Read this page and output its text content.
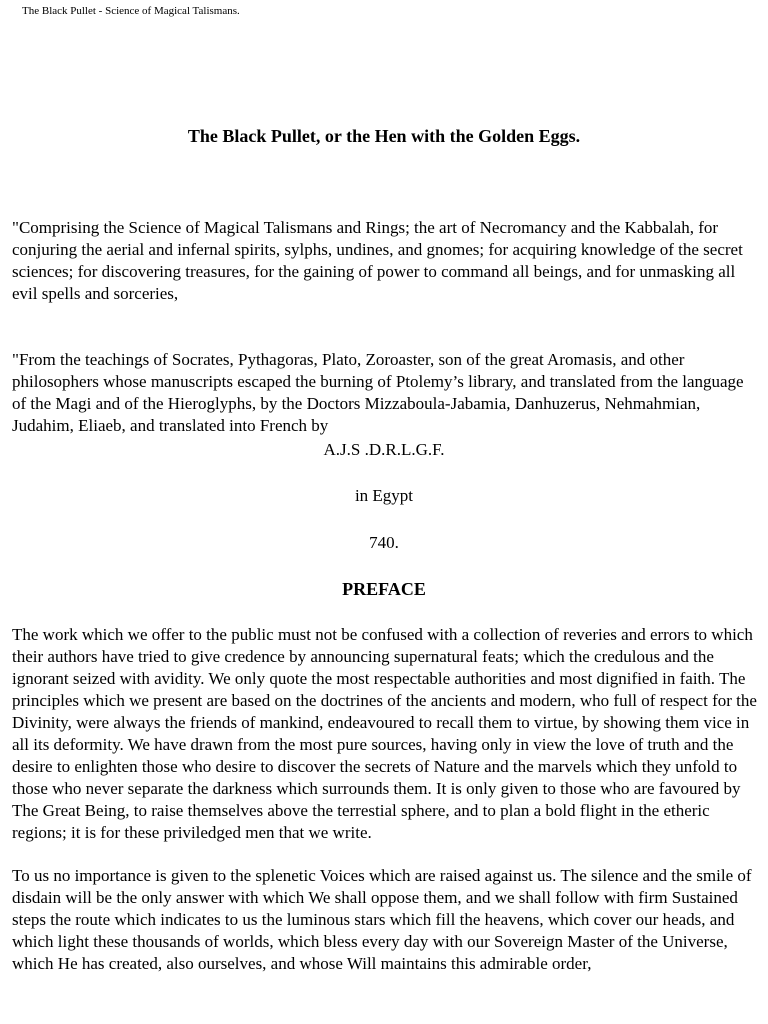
The Black Pullet - Science of Magical Talismans.
The Black Pullet, or the Hen with the Golden Eggs.
"Comprising the Science of Magical Talismans and Rings; the art of Necromancy and the Kabbalah, for conjuring the aerial and infernal spirits, sylphs, undines, and gnomes; for acquiring knowledge of the secret sciences; for discovering treasures, for the gaining of power to command all beings, and for unmasking all evil spells and sorceries,
"From the teachings of Socrates, Pythagoras, Plato, Zoroaster, son of the great Aromasis, and other philosophers whose manuscripts escaped the burning of Ptolemy’s library, and translated from the language of the Magi and of the Hieroglyphs, by the Doctors Mizzaboula-Jabamia, Danhuzerus, Nehmahmian, Judahim, Eliaeb, and translated into French by
A.J.S .D.R.L.G.F.
in Egypt
740.
PREFACE
The work which we offer to the public must not be confused with a collection of reveries and errors to which their authors have tried to give credence by announcing supernatural feats; which the credulous and the ignorant seized with avidity. We only quote the most respectable authorities and most dignified in faith. The principles which we present are based on the doctrines of the ancients and modern, who full of respect for the Divinity, were always the friends of mankind, endeavoured to recall them to virtue, by showing them vice in all its deformity. We have drawn from the most pure sources, having only in view the love of truth and the desire to enlighten those who desire to discover the secrets of Nature and the marvels which they unfold to those who never separate the darkness which surrounds them. It is only given to those who are favoured by The Great Being, to raise themselves above the terrestial sphere, and to plan a bold flight in the etheric regions; it is for these priviledged men that we write.
To us no importance is given to the splenetic Voices which are raised against us. The silence and the smile of disdain will be the only answer with which We shall oppose them, and we shall follow with firm Sustained steps the route which indicates to us the luminous stars which fill the heavens, which cover our heads, and which light these thousands of worlds, which bless every day with our Sovereign Master of the Universe, which He has created, also ourselves, and whose Will maintains this admirable order,
